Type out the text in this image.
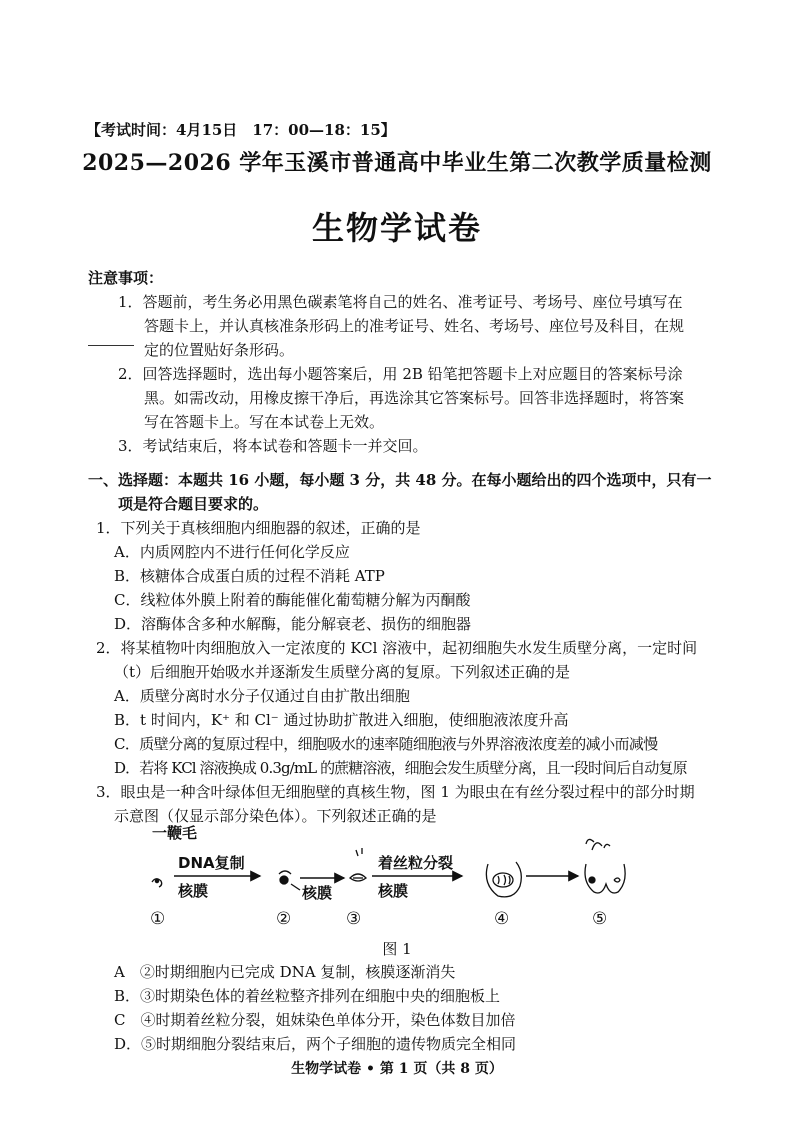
【考试时间：4月15日　17：00—18：15】
2025—2026 学年玉溪市普通高中毕业生第二次教学质量检测
生物学试卷
注意事项：
1．答题前，考生务必用黑色碳素笔将自己的姓名、准考证号、考场号、座位号填写在
答题卡上，并认真核准条形码上的准考证号、姓名、考场号、座位号及科目，在规
定的位置贴好条形码。
2．回答选择题时，选出每小题答案后，用 2B 铅笔把答题卡上对应题目的答案标号涂
黑。如需改动，用橡皮擦干净后，再选涂其它答案标号。回答非选择题时，将答案
写在答题卡上。写在本试卷上无效。
3．考试结束后，将本试卷和答题卡一并交回。
一、选择题：本题共 16 小题，每小题 3 分，共 48 分。在每小题给出的四个选项中，只有一
项是符合题目要求的。
1．下列关于真核细胞内细胞器的叙述，正确的是
A．内质网腔内不进行任何化学反应
B．核糖体合成蛋白质的过程不消耗 ATP
C．线粒体外膜上附着的酶能催化葡萄糖分解为丙酮酸
D．溶酶体含多种水解酶，能分解衰老、损伤的细胞器
2．将某植物叶肉细胞放入一定浓度的 KCl 溶液中，起初细胞失水发生质壁分离，一定时间
（t）后细胞开始吸水并逐渐发生质壁分离的复原。下列叙述正确的是
A．质壁分离时水分子仅通过自由扩散出细胞
B．t 时间内，K⁺ 和 Cl⁻ 通过协助扩散进入细胞，使细胞液浓度升高
C．质壁分离的复原过程中，细胞吸水的速率随细胞液与外界溶液浓度差的减小而减慢
D．若将 KCl 溶液换成 0.3g/mL 的蔗糖溶液，细胞会发生质壁分离，且一段时间后自动复原
3．眼虫是一种含叶绿体但无细胞壁的真核生物，图 1 为眼虫在有丝分裂过程中的部分时期
示意图（仅显示部分染色体）。下列叙述正确的是
一鞭毛
DNA复制
核膜	核膜
着丝粒分裂
核膜
①	②	③	④	⑤
图 1
A　②时期细胞内已完成 DNA 复制，核膜逐渐消失
B．③时期染色体的着丝粒整齐排列在细胞中央的细胞板上
C　④时期着丝粒分裂，姐妹染色单体分开，染色体数目加倍
D．⑤时期细胞分裂结束后，两个子细胞的遗传物质完全相同
生物学试卷 • 第 1 页（共 8 页）
